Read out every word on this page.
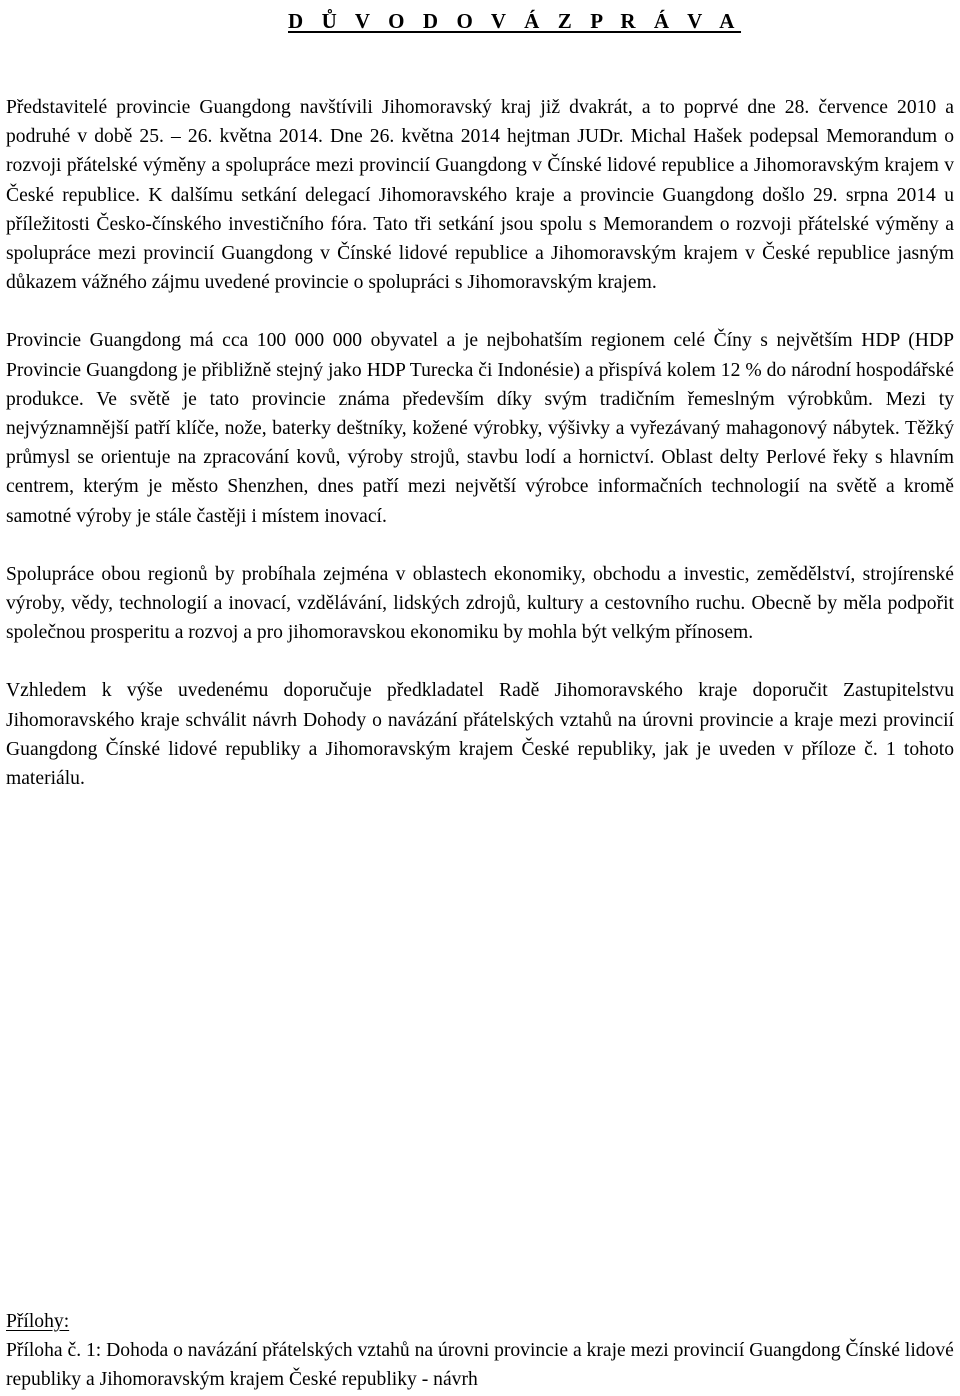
D Ů V O D O V Á Z P R Á V A

Představitelé provincie Guangdong navštívili Jihomoravský kraj již dvakrát, a to poprvé dne 28. července 2010 a podruhé v době 25. – 26. května 2014. Dne 26. května 2014 hejtman JUDr. Michal Hašek podepsal Memorandum o rozvoji přátelské výměny a spolupráce mezi provincií Guangdong v Čínské lidové republice a Jihomoravským krajem v České republice. K dalšímu setkání delegací Jihomoravského kraje a provincie Guangdong došlo 29. srpna 2014 u příležitosti Česko-čínského investičního fóra. Tato tři setkání jsou spolu s Memorandem o rozvoji přátelské výměny a spolupráce mezi provincií Guangdong v Čínské lidové republice a Jihomoravským krajem v České republice jasným důkazem vážného zájmu uvedené provincie o spolupráci s Jihomoravským krajem.

Provincie Guangdong má cca 100 000 000 obyvatel a je nejbohatším regionem celé Číny s největším HDP (HDP Provincie Guangdong je přibližně stejný jako HDP Turecka či Indonésie) a přispívá kolem 12 % do národní hospodářské produkce. Ve světě je tato provincie známa především díky svým tradičním řemeslným výrobkům. Mezi ty nejvýznamnější patří klíče, nože, baterky deštníky, kožené výrobky, výšivky a vyřezávaný mahagonový nábytek. Těžký průmysl se orientuje na zpracování kovů, výroby strojů, stavbu lodí a hornictví. Oblast delty Perlové řeky s hlavním centrem, kterým je město Shenzhen, dnes patří mezi největší výrobce informačních technologií na světě a kromě samotné výroby je stále častěji i místem inovací.

Spolupráce obou regionů by probíhala zejména v oblastech ekonomiky, obchodu a investic, zemědělství, strojírenské výroby, vědy, technologií a inovací, vzdělávání, lidských zdrojů, kultury a cestovního ruchu. Obecně by měla podpořit společnou prosperitu a rozvoj a pro jihomoravskou ekonomiku by mohla být velkým přínosem.

Vzhledem k výše uvedenému doporučuje předkladatel Radě Jihomoravského kraje doporučit Zastupitelstvu Jihomoravského kraje schválit návrh Dohody o navázání přátelských vztahů na úrovni provincie a kraje mezi provincií Guangdong Čínské lidové republiky a Jihomoravským krajem České republiky, jak je uveden v příloze č. 1 tohoto materiálu.

Přílohy:

Příloha č. 1: Dohoda o navázání přátelských vztahů na úrovni provincie a kraje mezi provincií Guangdong Čínské lidové republiky a Jihomoravským krajem České republiky - návrh
